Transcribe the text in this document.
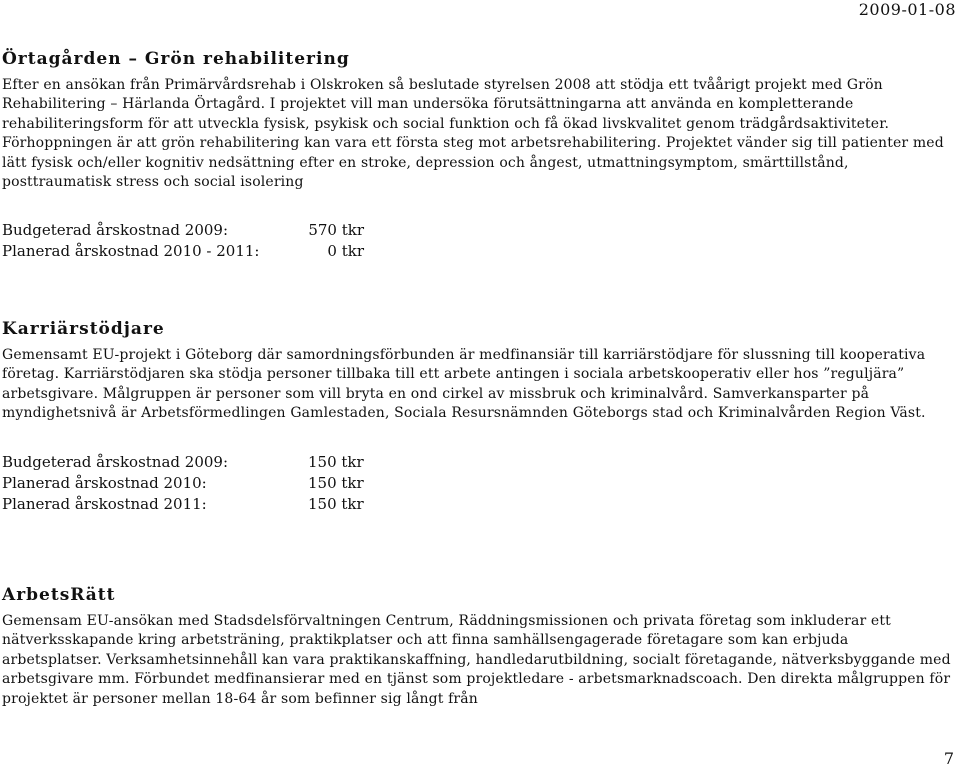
2009-01-08
Örtagården – Grön rehabilitering

Efter en ansökan från Primärvårdsrehab i Olskroken så beslutade styrelsen 2008 att stödja ett tvåårigt projekt med Grön Rehabilitering – Härlanda Örtagård. I projektet vill man undersöka förutsättningarna att använda en kompletterande rehabiliteringsform för att utveckla fysisk, psykisk och social funktion och få ökad livskvalitet genom trädgårdsaktiviteter. Förhoppningen är att grön rehabilitering kan vara ett första steg mot arbetsrehabilitering. Projektet vänder sig till patienter med lätt fysisk och/eller kognitiv nedsättning efter en stroke, depression och ångest, utmattningsymptom, smärttillstånd, posttraumatisk stress och social isolering

Budgeterad årskostnad 2009:	570 tkr
Planerad årskostnad 2010 - 2011:	0 tkr
Karriärstödjare

Gemensamt EU-projekt i Göteborg där samordningsförbunden är medfinansiär till karriärstödjare för slussning till kooperativa företag. Karriärstödjaren ska stödja personer tillbaka till ett arbete antingen i sociala arbetskooperativ eller hos ”reguljära” arbetsgivare. Målgruppen är personer som vill bryta en ond cirkel av missbruk och kriminalvård. Samverkansparter på myndighetsnivå är Arbetsförmedlingen Gamlestaden, Sociala Resursnämnden Göteborgs stad och Kriminalvården Region Väst.

Budgeterad årskostnad 2009:	150 tkr
Planerad årskostnad 2010:	150 tkr
Planerad årskostnad 2011:	150 tkr
ArbetsRätt

Gemensam EU-ansökan med Stadsdelsförvaltningen Centrum, Räddningsmissionen och privata företag som inkluderar ett nätverksskapande kring arbetsträning, praktikplatser och att finna samhällsengagerade företagare som kan erbjuda arbetsplatser. Verksamhetsinnehåll kan vara praktikanskaffning, handledarutbildning, socialt företagande, nätverksbyggande med arbetsgivare mm. Förbundet medfinansierar med en tjänst som projektledare - arbetsmarknadscoach. Den direkta målgruppen för projektet är personer mellan 18-64 år som befinner sig långt från

7
